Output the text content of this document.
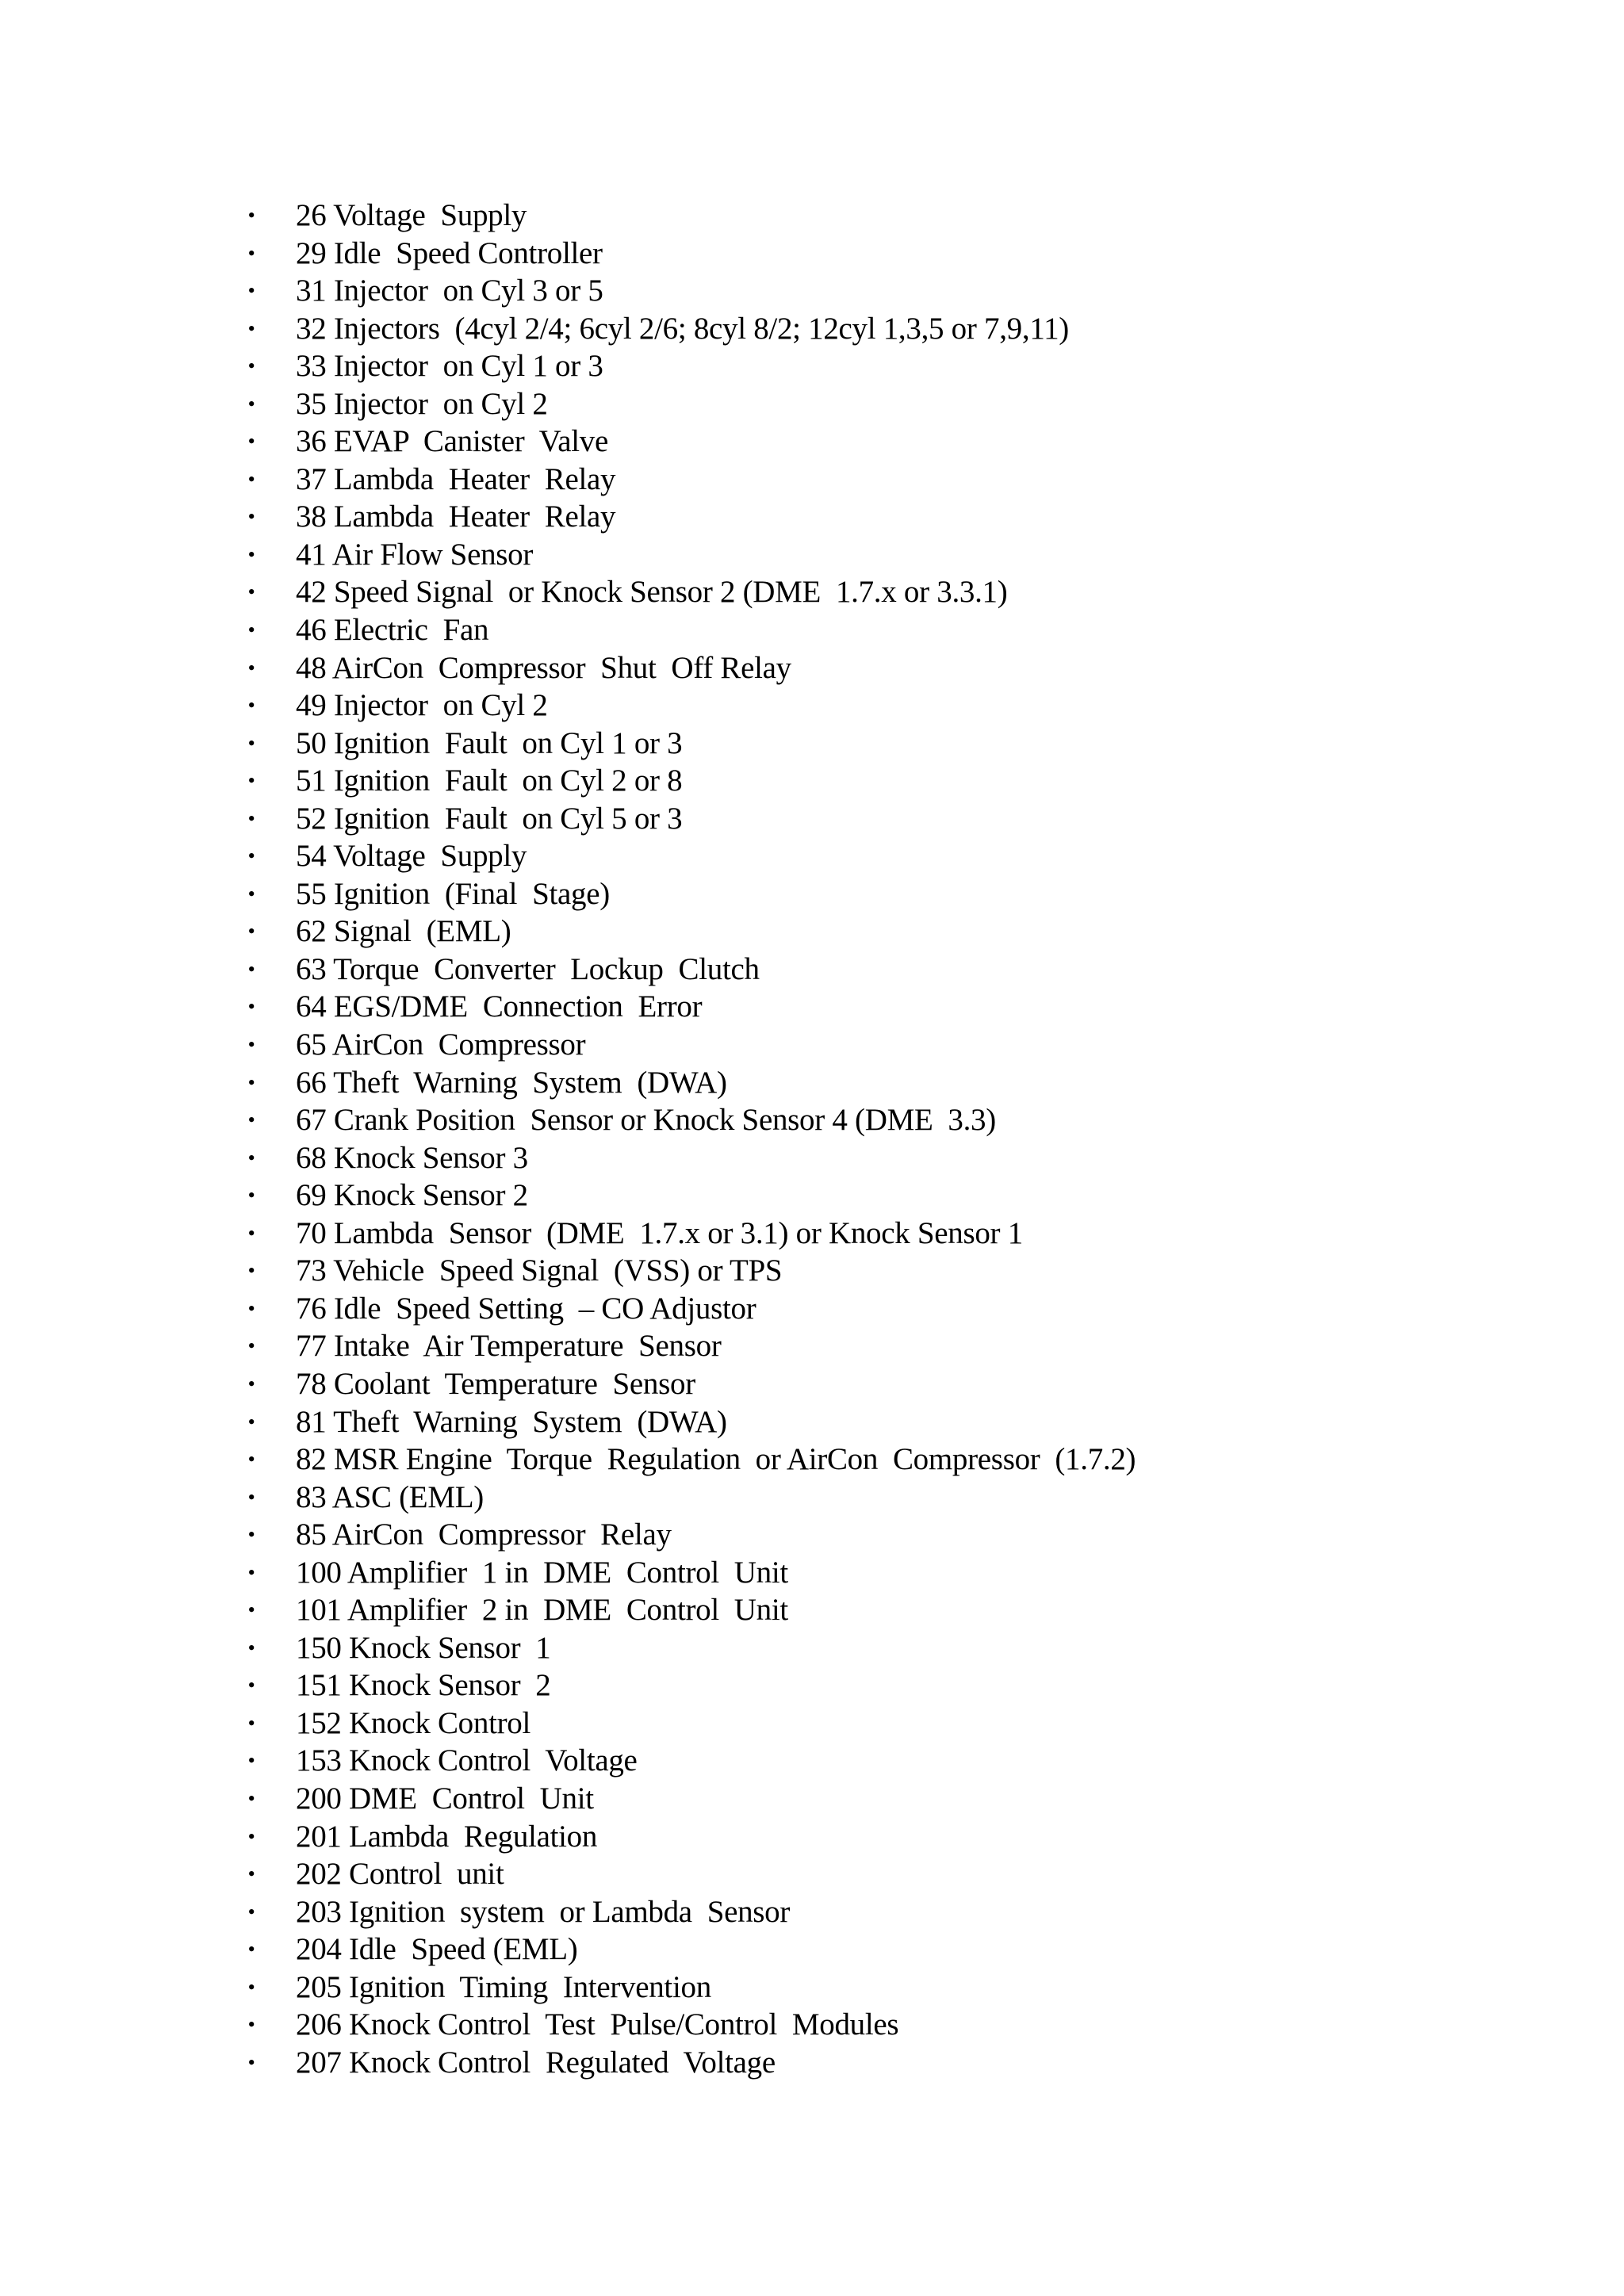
• 26 Voltage  Supply
• 29 Idle  Speed Controller
• 31 Injector  on Cyl 3 or 5
• 32 Injectors  (4cyl 2/4; 6cyl 2/6; 8cyl 8/2; 12cyl 1,3,5 or 7,9,11)
• 33 Injector  on Cyl 1 or 3
• 35 Injector  on Cyl 2
• 36 EVAP  Canister  Valve
• 37 Lambda  Heater  Relay
• 38 Lambda  Heater  Relay
• 41 Air Flow Sensor
• 42 Speed Signal  or Knock Sensor 2 (DME  1.7.x or 3.3.1)
• 46 Electric  Fan
• 48 AirCon  Compressor  Shut  Off Relay
• 49 Injector  on Cyl 2
• 50 Ignition  Fault  on Cyl 1 or 3
• 51 Ignition  Fault  on Cyl 2 or 8
• 52 Ignition  Fault  on Cyl 5 or 3
• 54 Voltage  Supply
• 55 Ignition  (Final  Stage)
• 62 Signal  (EML)
• 63 Torque  Converter  Lockup  Clutch
• 64 EGS/DME  Connection  Error
• 65 AirCon  Compressor
• 66 Theft  Warning  System  (DWA)
• 67 Crank Position  Sensor or Knock Sensor 4 (DME  3.3)
• 68 Knock Sensor 3
• 69 Knock Sensor 2
• 70 Lambda  Sensor  (DME  1.7.x or 3.1) or Knock Sensor 1
• 73 Vehicle  Speed Signal  (VSS) or TPS
• 76 Idle  Speed Setting  – CO Adjustor
• 77 Intake  Air Temperature  Sensor
• 78 Coolant  Temperature  Sensor
• 81 Theft  Warning  System  (DWA)
• 82 MSR Engine  Torque  Regulation  or AirCon  Compressor  (1.7.2)
• 83 ASC (EML)
• 85 AirCon  Compressor  Relay
• 100 Amplifier  1 in  DME  Control  Unit
• 101 Amplifier  2 in  DME  Control  Unit
• 150 Knock Sensor  1
• 151 Knock Sensor  2
• 152 Knock Control
• 153 Knock Control  Voltage
• 200 DME  Control  Unit
• 201 Lambda  Regulation
• 202 Control  unit
• 203 Ignition  system  or Lambda  Sensor
• 204 Idle  Speed (EML)
• 205 Ignition  Timing  Intervention
• 206 Knock Control  Test  Pulse/Control  Modules
• 207 Knock Control  Regulated  Voltage
